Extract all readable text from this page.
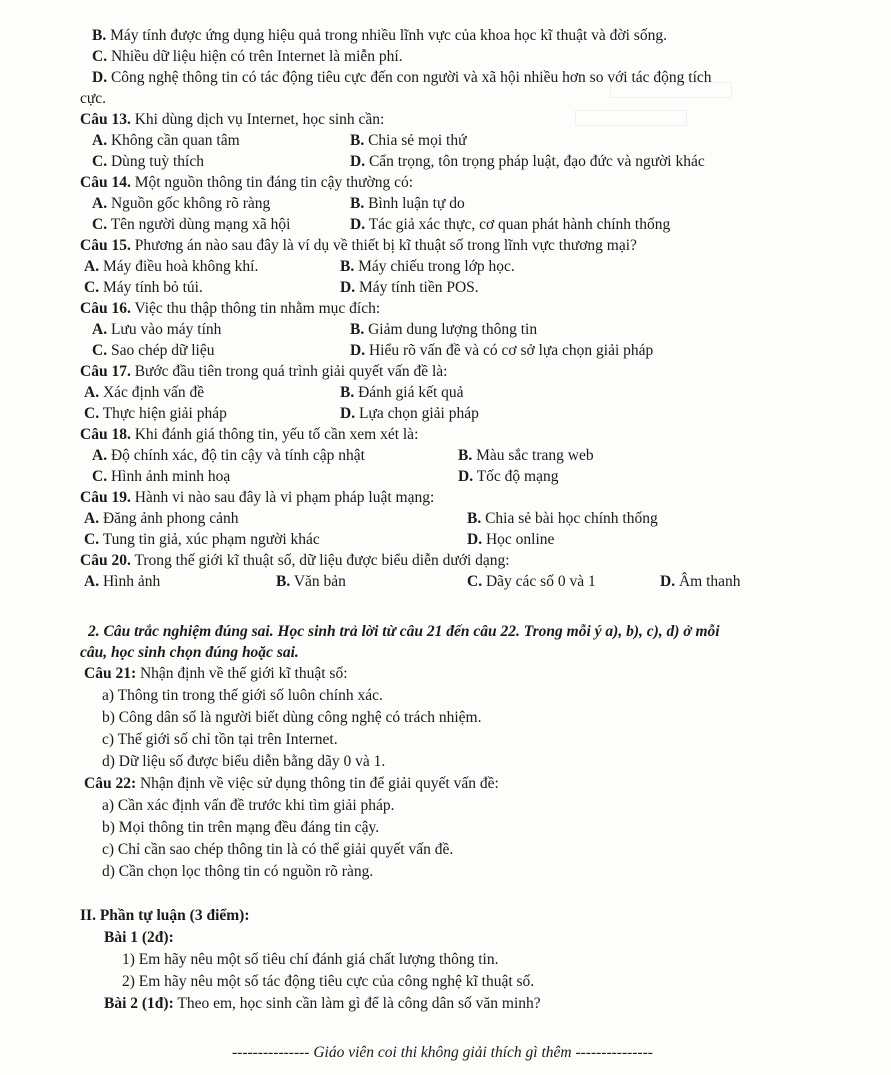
B. Máy tính được ứng dụng hiệu quả trong nhiều lĩnh vực của khoa học kĩ thuật và đời sống.
C. Nhiều dữ liệu hiện có trên Internet là miễn phí.
D. Công nghệ thông tin có tác động tiêu cực đến con người và xã hội nhiều hơn so với tác động tích
cực.
Câu 13. Khi dùng dịch vụ Internet, học sinh cần:
A. Không cần quan tâm	B. Chia sẻ mọi thứ
C. Dùng tuỳ thích	D. Cẩn trọng, tôn trọng pháp luật, đạo đức và người khác
Câu 14. Một nguồn thông tin đáng tin cậy thường có:
A. Nguồn gốc không rõ ràng	B. Bình luận tự do
C. Tên người dùng mạng xã hội	D. Tác giả xác thực, cơ quan phát hành chính thống
Câu 15. Phương án nào sau đây là ví dụ về thiết bị kĩ thuật số trong lĩnh vực thương mại?
A. Máy điều hoà không khí.	B. Máy chiếu trong lớp học.
C. Máy tính bỏ túi.	D. Máy tính tiền POS.
Câu 16. Việc thu thập thông tin nhằm mục đích:
A. Lưu vào máy tính	B. Giảm dung lượng thông tin
C. Sao chép dữ liệu	D. Hiểu rõ vấn đề và có cơ sở lựa chọn giải pháp
Câu 17. Bước đầu tiên trong quá trình giải quyết vấn đề là:
A. Xác định vấn đề	B. Đánh giá kết quả
C. Thực hiện giải pháp	D. Lựa chọn giải pháp
Câu 18. Khi đánh giá thông tin, yếu tố cần xem xét là:
A. Độ chính xác, độ tin cậy và tính cập nhật	B. Màu sắc trang web
C. Hình ảnh minh hoạ	D. Tốc độ mạng
Câu 19. Hành vi nào sau đây là vi phạm pháp luật mạng:
A. Đăng ảnh phong cảnh	B. Chia sẻ bài học chính thống
C. Tung tin giả, xúc phạm người khác	D. Học online
Câu 20. Trong thế giới kĩ thuật số, dữ liệu được biểu diễn dưới dạng:
A. Hình ảnh	B. Văn bản	C. Dãy các số 0 và 1	D. Âm thanh
2. Câu trắc nghiệm đúng sai. Học sinh trả lời từ câu 21 đến câu 22. Trong mỗi ý a), b), c), d) ở mỗi
câu, học sinh chọn đúng hoặc sai.
Câu 21: Nhận định về thế giới kĩ thuật số:
a) Thông tin trong thế giới số luôn chính xác.
b) Công dân số là người biết dùng công nghệ có trách nhiệm.
c) Thế giới số chỉ tồn tại trên Internet.
d) Dữ liệu số được biểu diễn bằng dãy 0 và 1.
Câu 22: Nhận định về việc sử dụng thông tin để giải quyết vấn đề:
a) Cần xác định vấn đề trước khi tìm giải pháp.
b) Mọi thông tin trên mạng đều đáng tin cậy.
c) Chỉ cần sao chép thông tin là có thể giải quyết vấn đề.
d) Cần chọn lọc thông tin có nguồn rõ ràng.
II. Phần tự luận (3 điểm):
Bài 1 (2đ):
1) Em hãy nêu một số tiêu chí đánh giá chất lượng thông tin.
2) Em hãy nêu một số tác động tiêu cực của công nghệ kĩ thuật số.
Bài 2 (1đ): Theo em, học sinh cần làm gì để là công dân số văn minh?
--------------- Giáo viên coi thi không giải thích gì thêm ---------------
